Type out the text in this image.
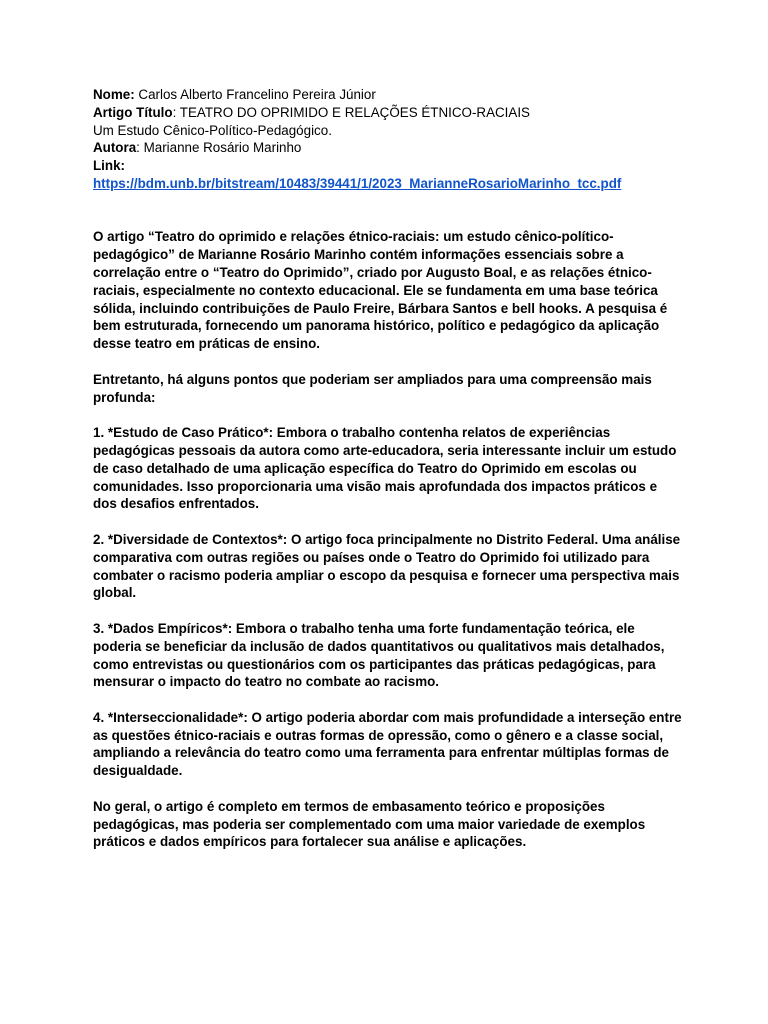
Nome: Carlos Alberto Francelino Pereira Júnior
Artigo Título: TEATRO DO OPRIMIDO E RELAÇÕES ÉTNICO-RACIAIS
Um Estudo Cênico-Político-Pedagógico.
Autora: Marianne Rosário Marinho
Link:
https://bdm.unb.br/bitstream/10483/39441/1/2023_MarianneRosarioMarinho_tcc.pdf
O artigo “Teatro do oprimido e relações étnico-raciais: um estudo cênico-político-pedagógico” de Marianne Rosário Marinho contém informações essenciais sobre a correlação entre o “Teatro do Oprimido”, criado por Augusto Boal, e as relações étnico-raciais, especialmente no contexto educacional. Ele se fundamenta em uma base teórica sólida, incluindo contribuições de Paulo Freire, Bárbara Santos e bell hooks. A pesquisa é bem estruturada, fornecendo um panorama histórico, político e pedagógico da aplicação desse teatro em práticas de ensino.
Entretanto, há alguns pontos que poderiam ser ampliados para uma compreensão mais profunda:
1. *Estudo de Caso Prático*: Embora o trabalho contenha relatos de experiências pedagógicas pessoais da autora como arte-educadora, seria interessante incluir um estudo de caso detalhado de uma aplicação específica do Teatro do Oprimido em escolas ou comunidades. Isso proporcionaria uma visão mais aprofundada dos impactos práticos e dos desafios enfrentados.
2. *Diversidade de Contextos*: O artigo foca principalmente no Distrito Federal. Uma análise comparativa com outras regiões ou países onde o Teatro do Oprimido foi utilizado para combater o racismo poderia ampliar o escopo da pesquisa e fornecer uma perspectiva mais global.
3. *Dados Empíricos*: Embora o trabalho tenha uma forte fundamentação teórica, ele poderia se beneficiar da inclusão de dados quantitativos ou qualitativos mais detalhados, como entrevistas ou questionários com os participantes das práticas pedagógicas, para mensurar o impacto do teatro no combate ao racismo.
4. *Interseccionalidade*: O artigo poderia abordar com mais profundidade a interseção entre as questões étnico-raciais e outras formas de opressão, como o gênero e a classe social, ampliando a relevância do teatro como uma ferramenta para enfrentar múltiplas formas de desigualdade.
No geral, o artigo é completo em termos de embasamento teórico e proposições pedagógicas, mas poderia ser complementado com uma maior variedade de exemplos práticos e dados empíricos para fortalecer sua análise e aplicações.
